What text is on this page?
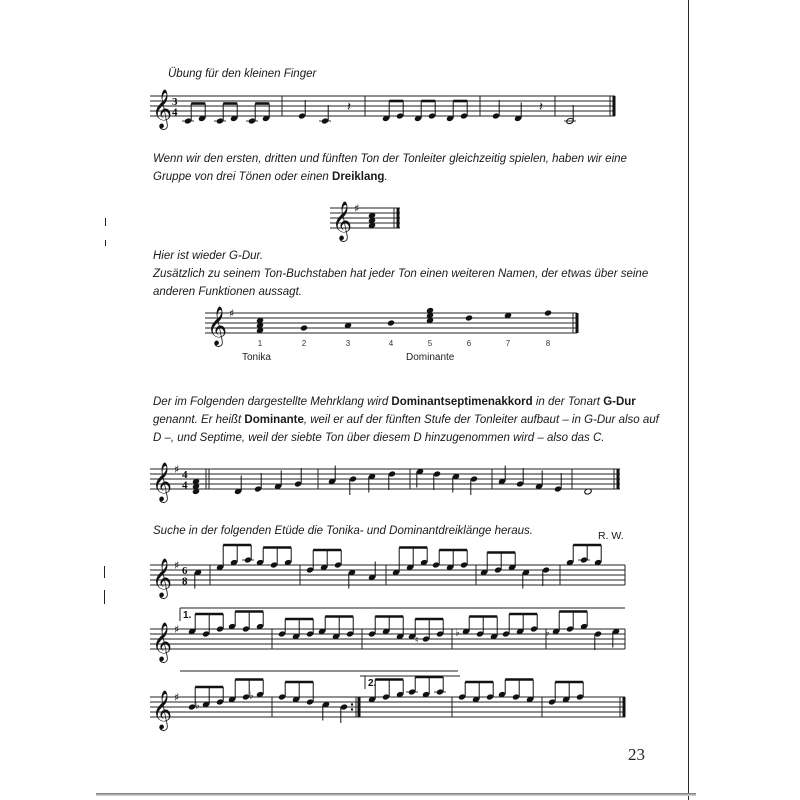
Übung für den kleinen Finger
𝄞 3
4	𝄽	𝄽
Wenn wir den ersten, dritten und fünften Ton der Tonleiter gleichzeitig spielen, haben wir eine
Gruppe von drei Tönen oder einen Dreiklang.
𝄞 ♯
Hier ist wieder G-Dur.
Zusätzlich zu seinem Ton-Buchstaben hat jeder Ton einen weiteren Namen, der etwas über seine
anderen Funktionen aussagt.
𝄞 ♯
1	2	3	4	5	6	7	8
Tonika	Dominante
Der im Folgenden dargestellte Mehrklang wird Dominantseptimenakkord in der Tonart G-Dur
genannt. Er heißt Dominante, weil er auf der fünften Stufe der Tonleiter aufbaut – in G-Dur also auf
D –, und Septime, weil der siebte Ton über diesem D hinzugenommen wird – also das C.
𝄞 ♯ 4
4
Suche in der folgenden Etüde die Tonika- und Dominantdreiklänge heraus.	R. W.
𝄞 ♯ 6
8
𝄞 ♯
1.
♮
♭	♭
𝄞 ♯
♭
♭
2.
23
